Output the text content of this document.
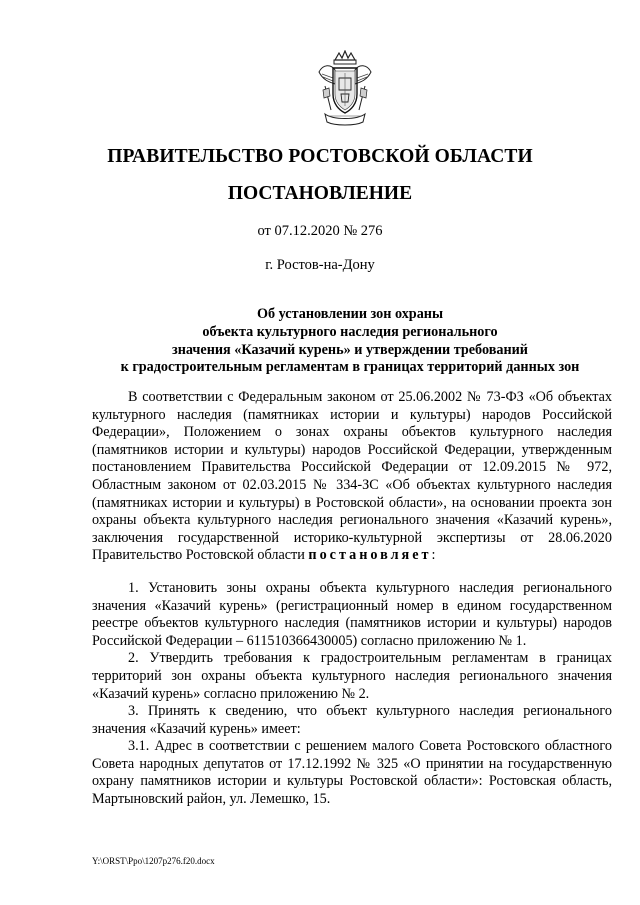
ПРАВИТЕЛЬСТВО РОСТОВСКОЙ ОБЛАСТИ
ПОСТАНОВЛЕНИЕ
от 07.12.2020 № 276
г. Ростов-на-Дону
Об установлении зон охраны
объекта культурного наследия регионального
значения «Казачий курень» и утверждении требований
к градостроительным регламентам в границах территорий данных зон

В соответствии с Федеральным законом от 25.06.2002 № 73-ФЗ «Об объектах культурного наследия (памятниках истории и культуры) народов Российской Федерации», Положением о зонах охраны объектов культурного наследия (памятников истории и культуры) народов Российской Федерации, утвержденным постановлением Правительства Российской Федерации от 12.09.2015 № 972, Областным законом от 02.03.2015 № 334-ЗС «Об объектах культурного наследия (памятниках истории и культуры) в Ростовской области», на основании проекта зон охраны объекта культурного наследия регионального значения «Казачий курень», заключения государственной историко-культурной экспертизы от 28.06.2020 Правительство Ростовской области постановляет:

1. Установить зоны охраны объекта культурного наследия регионального значения «Казачий курень» (регистрационный номер в едином государственном реестре объектов культурного наследия (памятников истории и культуры) народов Российской Федерации – 611510366430005) согласно приложению № 1.

2. Утвердить требования к градостроительным регламентам в границах территорий зон охраны объекта культурного наследия регионального значения «Казачий курень» согласно приложению № 2.

3. Принять к сведению, что объект культурного наследия регионального значения «Казачий курень» имеет:

3.1. Адрес в соответствии с решением малого Совета Ростовского областного Совета народных депутатов от 17.12.1992 № 325 «О принятии на государственную охрану памятников истории и культуры Ростовской области»: Ростовская область, Мартыновский район, ул. Лемешко, 15.

Y:\ORST\Ppo\1207p276.f20.docx
